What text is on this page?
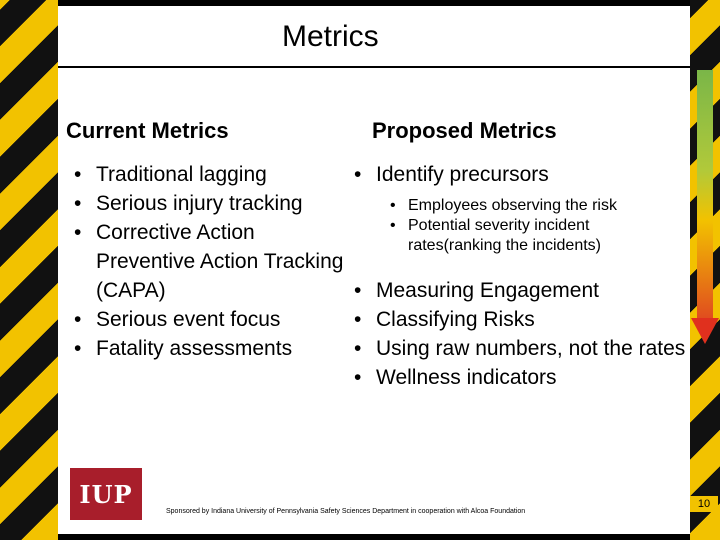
Metrics
Current Metrics	Proposed Metrics
• Traditional lagging
• Serious injury tracking
• Corrective Action Preventive Action Tracking (CAPA)
• Serious event focus
• Fatality assessments
• Identify precursors
• Employees observing the risk
• Potential severity incident rates(ranking the incidents)
• Measuring Engagement
• Classifying Risks
• Using raw numbers, not the rates
• Wellness indicators
IUP
Sponsored by Indiana University of Pennsylvania Safety Sciences Department in cooperation with Alcoa Foundation
10
